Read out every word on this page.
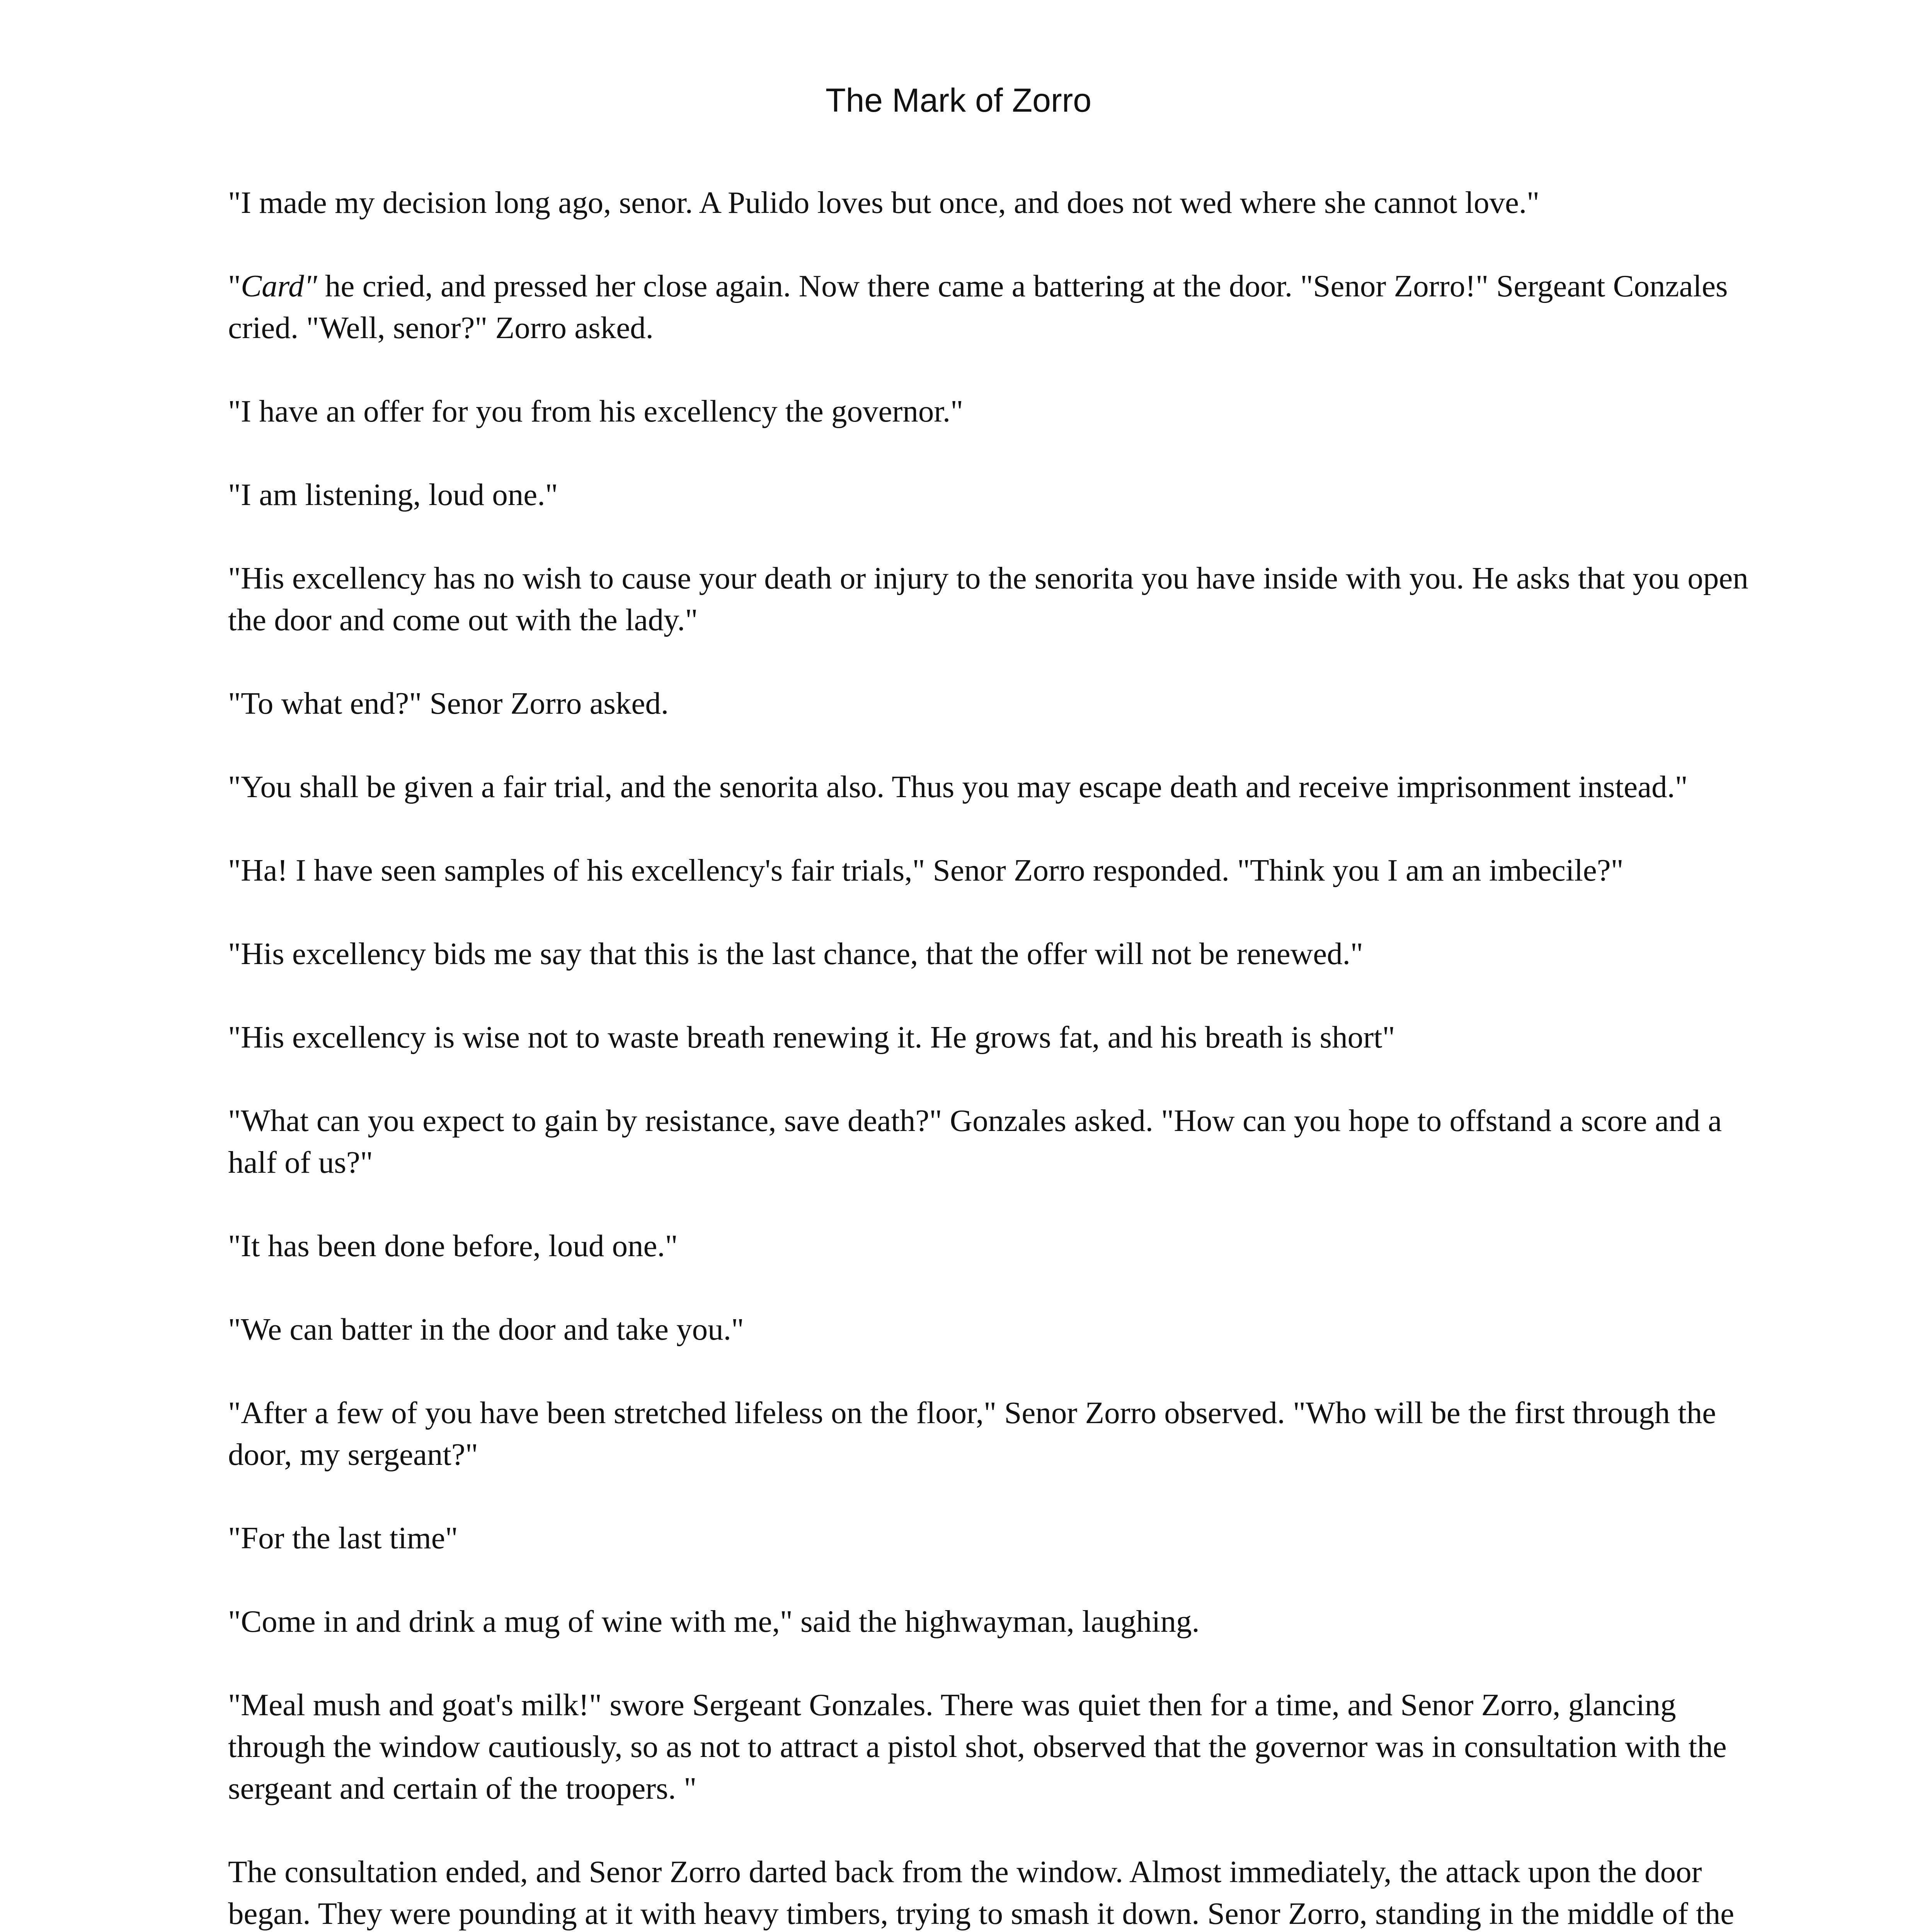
The Mark of Zorro

"I made my decision long ago, senor. A Pulido loves but once, and does not wed where she cannot love."

"Card" he cried, and pressed her close again. Now there came a battering at the door. "Senor Zorro!" Sergeant Conzales cried. "Well, senor?" Zorro asked.

"I have an offer for you from his excellency the governor."

"I am listening, loud one."

"His excellency has no wish to cause your death or injury to the senorita you have inside with you. He asks that you open the door and come out with the lady."

"To what end?" Senor Zorro asked.

"You shall be given a fair trial, and the senorita also. Thus you may escape death and receive imprisonment instead."

"Ha! I have seen samples of his excellency's fair trials," Senor Zorro responded. "Think you I am an imbecile?"

"His excellency bids me say that this is the last chance, that the offer will not be renewed."

"His excellency is wise not to waste breath renewing it. He grows fat, and his breath is short"

"What can you expect to gain by resistance, save death?" Gonzales asked. "How can you hope to offstand a score and a half of us?"

"It has been done before, loud one."

"We can batter in the door and take you."

"After a few of you have been stretched lifeless on the floor," Senor Zorro observed. "Who will be the first through the door, my sergeant?"

"For the last time"

"Come in and drink a mug of wine with me," said the highwayman, laughing.

"Meal mush and goat's milk!" swore Sergeant Gonzales. There was quiet then for a time, and Senor Zorro, glancing through the window cautiously, so as not to attract a pistol shot, observed that the governor was in consultation with the sergeant and certain of the troopers. "

The consultation ended, and Senor Zorro darted back from the window. Almost immediately, the attack upon the door began. They were pounding at it with heavy timbers, trying to smash it down. Senor Zorro, standing in the middle of the
